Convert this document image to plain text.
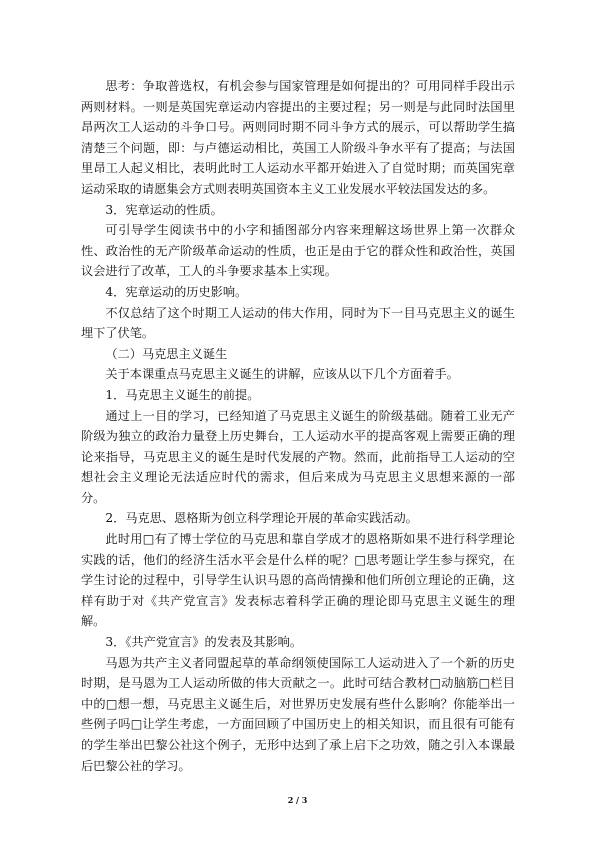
思考：争取普选权，有机会参与国家管理是如何提出的？可用同样手段出示两则材料。一则是英国宪章运动内容提出的主要过程；另一则是与此同时法国里昂两次工人运动的斗争口号。两则同时期不同斗争方式的展示，可以帮助学生搞清楚三个问题，即：与卢德运动相比，英国工人阶级斗争水平有了提高；与法国里昂工人起义相比，表明此时工人运动水平都开始进入了自觉时期；而英国宪章运动采取的请愿集会方式则表明英国资本主义工业发展水平较法国发达的多。

3．宪章运动的性质。

可引导学生阅读书中的小字和插图部分内容来理解这场世界上第一次群众性、政治性的无产阶级革命运动的性质，也正是由于它的群众性和政治性，英国议会进行了改革，工人的斗争要求基本上实现。

4．宪章运动的历史影响。

不仅总结了这个时期工人运动的伟大作用，同时为下一目马克思主义的诞生埋下了伏笔。

（二）马克思主义诞生

关于本课重点马克思主义诞生的讲解，应该从以下几个方面着手。

1．马克思主义诞生的前提。

通过上一目的学习，已经知道了马克思主义诞生的阶级基础。随着工业无产阶级为独立的政治力量登上历史舞台，工人运动水平的提高客观上需要正确的理论来指导，马克思主义的诞生是时代发展的产物。然而，此前指导工人运动的空想社会主义理论无法适应时代的需求，但后来成为马克思主义思想来源的一部分。

2．马克思、恩格斯为创立科学理论开展的革命实践活动。

此时用□有了博士学位的马克思和靠自学成才的恩格斯如果不进行科学理论实践的话，他们的经济生活水平会是什么样的呢？□思考题让学生参与探究，在学生讨论的过程中，引导学生认识马恩的高尚情操和他们所创立理论的正确，这样有助于对《共产党宣言》发表标志着科学正确的理论即马克思主义诞生的理解。

3．《共产党宣言》的发表及其影响。

马恩为共产主义者同盟起草的革命纲领使国际工人运动进入了一个新的历史时期，是马恩为工人运动所做的伟大贡献之一。此时可结合教材□动脑筋□栏目中的□想一想，马克思主义诞生后，对世界历史发展有些什么影响？你能举出一些例子吗□让学生考虑，一方面回顾了中国历史上的相关知识，而且很有可能有的学生举出巴黎公社这个例子，无形中达到了承上启下之功效，随之引入本课最后巴黎公社的学习。

2 / 3
